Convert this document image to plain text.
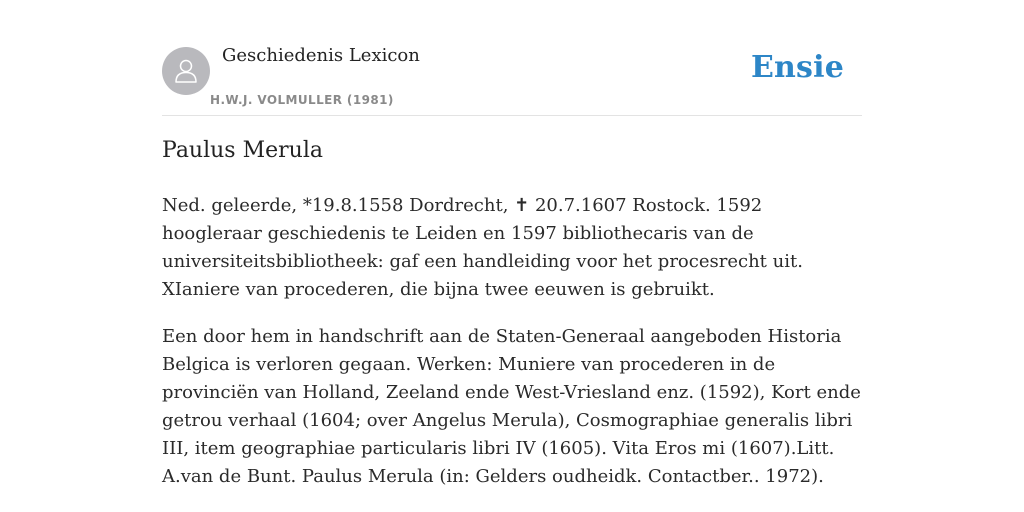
Geschiedenis Lexicon
H.W.J. VOLMULLER (1981)
Ensie
Paulus Merula

Ned. geleerde, *19.8.1558 Dordrecht, ✝ 20.7.1607 Rostock. 1592 hoogleraar geschiedenis te Leiden en 1597 bibliothecaris van de universiteitsbibliotheek: gaf een handleiding voor het procesrecht uit. XIaniere van procederen, die bijna twee eeuwen is gebruikt.

Een door hem in handschrift aan de Staten-Generaal aangeboden Historia Belgica is verloren gegaan. Werken: Muniere van procederen in de provinciën van Holland, Zeeland ende West-Vriesland enz. (1592), Kort ende getrou verhaal (1604; over Angelus Merula), Cosmographiae generalis libri III, item geographiae particularis libri IV (1605). Vita Eros mi (1607).Litt. A.van de Bunt. Paulus Merula (in: Gelders oudheidk. Contactber.. 1972).
